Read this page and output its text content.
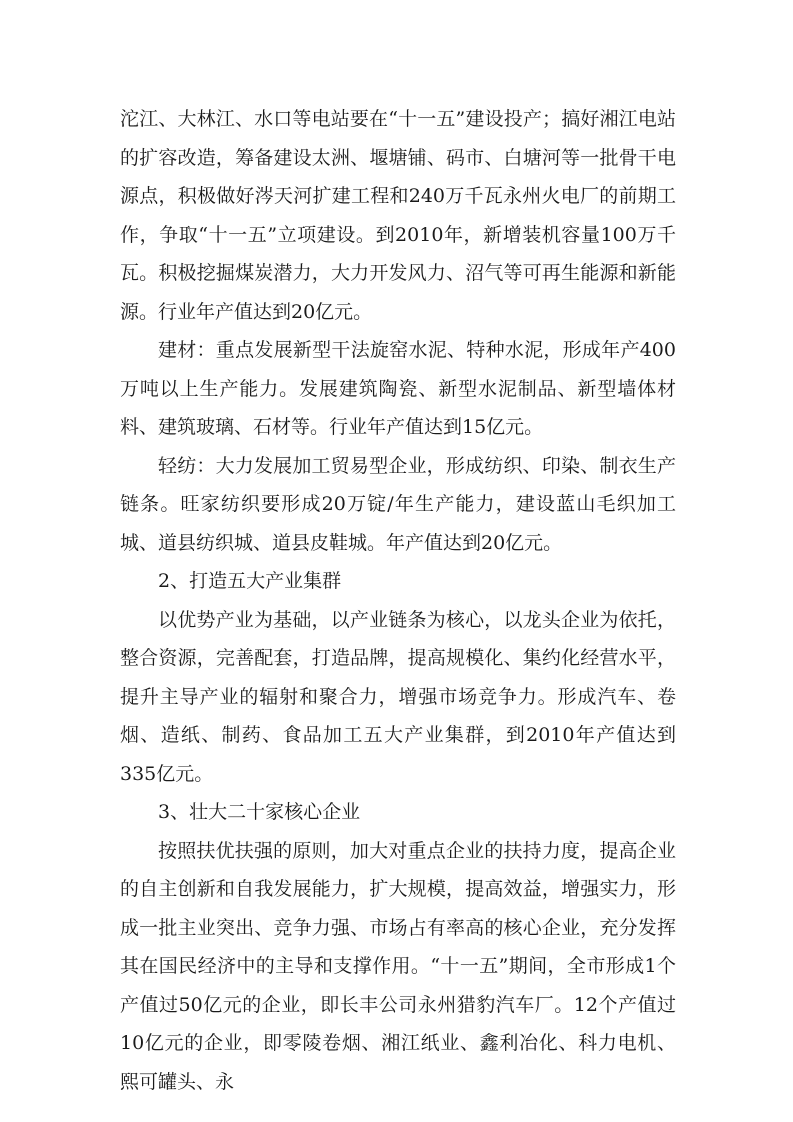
沱江、大林江、水口等电站要在“十一五”建设投产；搞好湘江电站的扩容改造，筹备建设太洲、堰塘铺、码市、白塘河等一批骨干电源点，积极做好涔天河扩建工程和240万千瓦永州火电厂的前期工作，争取“十一五”立项建设。到2010年，新增装机容量100万千瓦。积极挖掘煤炭潜力，大力开发风力、沼气等可再生能源和新能源。行业年产值达到20亿元。

建材：重点发展新型干法旋窑水泥、特种水泥，形成年产400万吨以上生产能力。发展建筑陶瓷、新型水泥制品、新型墙体材料、建筑玻璃、石材等。行业年产值达到15亿元。

轻纺：大力发展加工贸易型企业，形成纺织、印染、制衣生产链条。旺家纺织要形成20万锭/年生产能力，建设蓝山毛织加工城、道县纺织城、道县皮鞋城。年产值达到20亿元。

2、打造五大产业集群

以优势产业为基础，以产业链条为核心，以龙头企业为依托，整合资源，完善配套，打造品牌，提高规模化、集约化经营水平，提升主导产业的辐射和聚合力，增强市场竞争力。形成汽车、卷烟、造纸、制药、食品加工五大产业集群，到2010年产值达到335亿元。

3、壮大二十家核心企业

按照扶优扶强的原则，加大对重点企业的扶持力度，提高企业的自主创新和自我发展能力，扩大规模，提高效益，增强实力，形成一批主业突出、竞争力强、市场占有率高的核心企业，充分发挥其在国民经济中的主导和支撑作用。“十一五”期间，全市形成1个产值过50亿元的企业，即长丰公司永州猎豹汽车厂。12个产值过10亿元的企业，即零陵卷烟、湘江纸业、鑫利冶化、科力电机、熙可罐头、永
